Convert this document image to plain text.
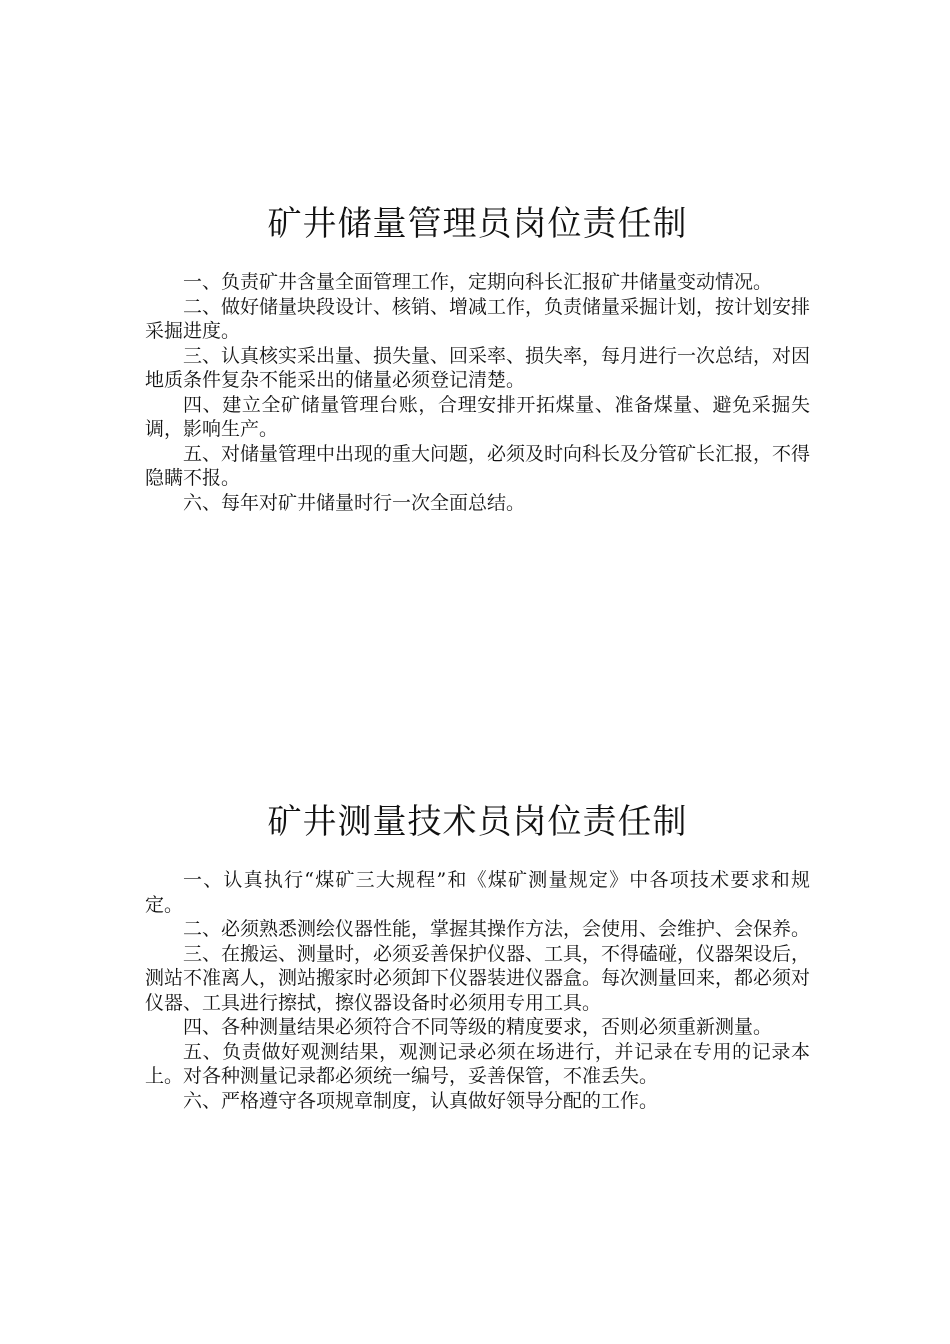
矿井储量管理员岗位责任制

一、负责矿井含量全面管理工作，定期向科长汇报矿井储量变动情况。

二、做好储量块段设计、核销、增减工作，负责储量采掘计划，按计划安排采掘进度。

三、认真核实采出量、损失量、回采率、损失率，每月进行一次总结，对因地质条件复杂不能采出的储量必须登记清楚。

四、建立全矿储量管理台账，合理安排开拓煤量、准备煤量、避免采掘失调，影响生产。

五、对储量管理中出现的重大问题，必须及时向科长及分管矿长汇报，不得隐瞒不报。

六、每年对矿井储量时行一次全面总结。

矿井测量技术员岗位责任制

一、认真执行“煤矿三大规程”和《煤矿测量规定》中各项技术要求和规定。

二、必须熟悉测绘仪器性能，掌握其操作方法，会使用、会维护、会保养。

三、在搬运、测量时，必须妥善保护仪器、工具，不得磕碰，仪器架设后，测站不准离人，测站搬家时必须卸下仪器装进仪器盒。每次测量回来，都必须对仪器、工具进行擦拭，擦仪器设备时必须用专用工具。

四、各种测量结果必须符合不同等级的精度要求，否则必须重新测量。

五、负责做好观测结果，观测记录必须在场进行，并记录在专用的记录本上。对各种测量记录都必须统一编号，妥善保管，不准丢失。

六、严格遵守各项规章制度，认真做好领导分配的工作。
